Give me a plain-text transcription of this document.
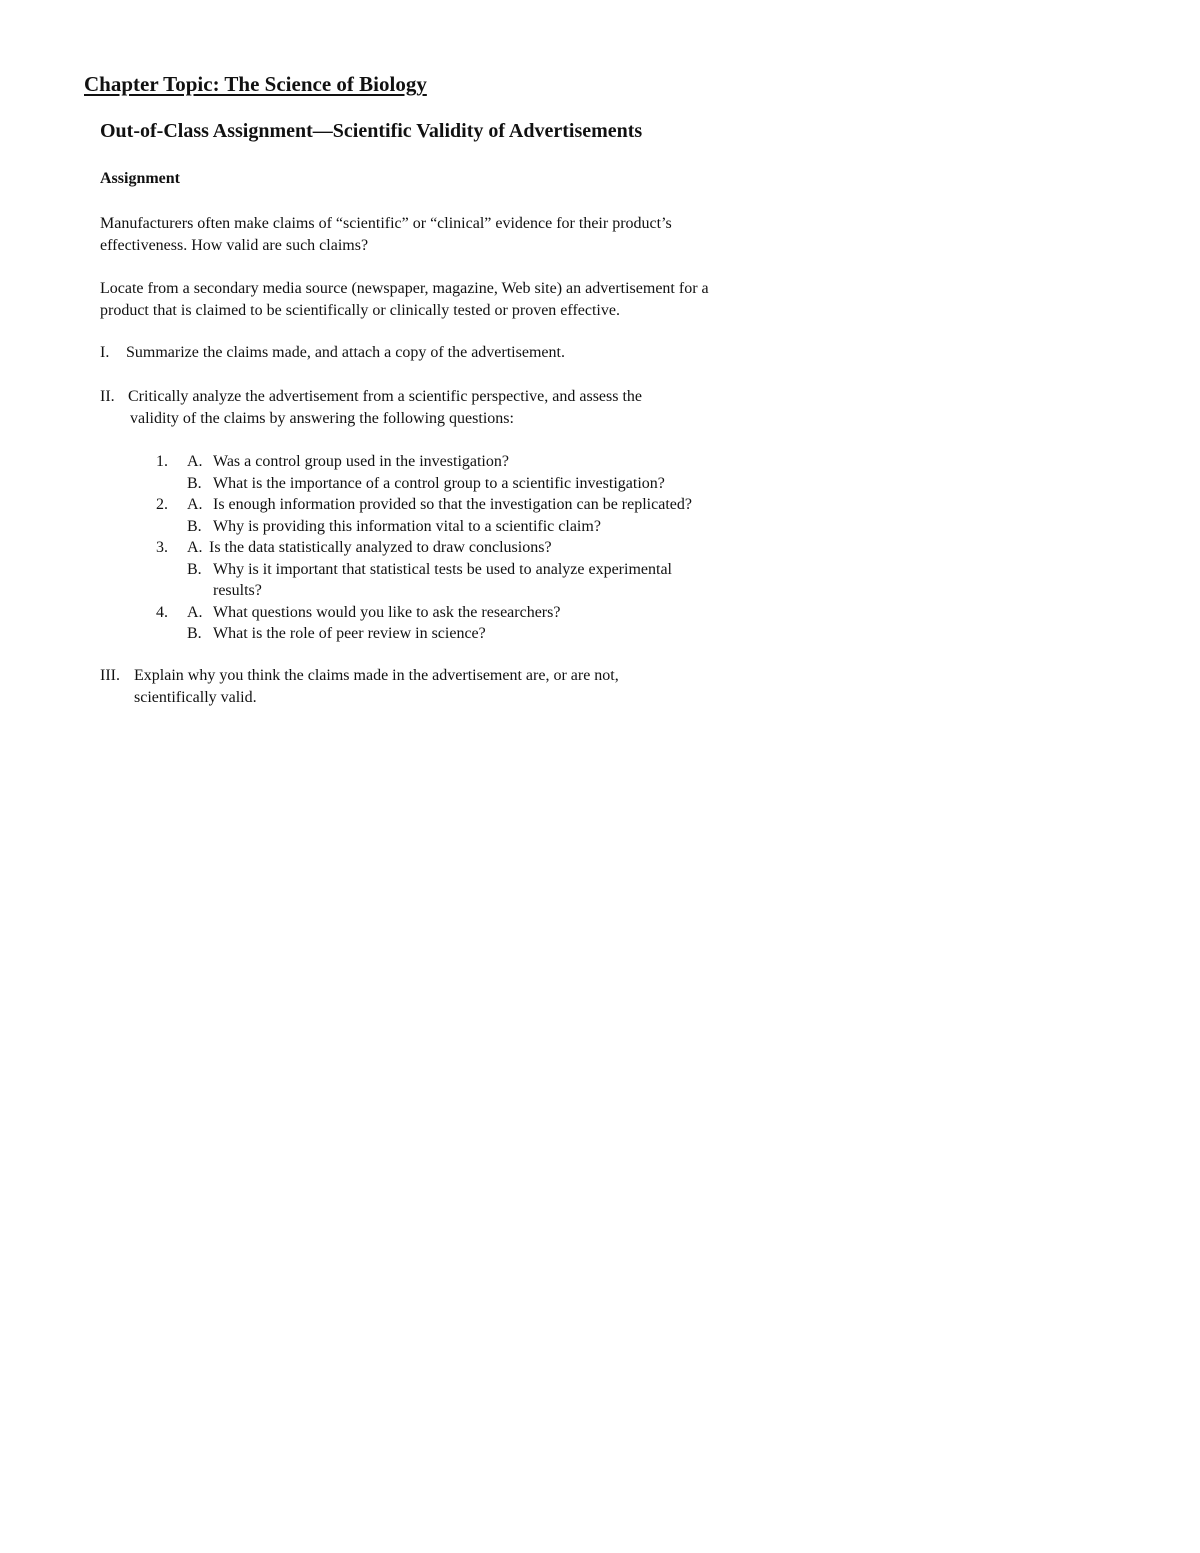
Chapter Topic: The Science of Biology
Out-of-Class Assignment—Scientific Validity of Advertisements
Assignment
Manufacturers often make claims of “scientific” or “clinical” evidence for their product’s
effectiveness. How valid are such claims?
Locate from a secondary media source (newspaper, magazine, Web site) an advertisement for a
product that is claimed to be scientifically or clinically tested or proven effective.
I. Summarize the claims made, and attach a copy of the advertisement.
II. Critically analyze the advertisement from a scientific perspective, and assess the
validity of the claims by answering the following questions:
1.	A. Was a control group used in the investigation?
B. What is the importance of a control group to a scientific investigation?
2.	A. Is enough information provided so that the investigation can be replicated?
B. Why is providing this information vital to a scientific claim?
3.	A. Is the data statistically analyzed to draw conclusions?
B. Why is it important that statistical tests be used to analyze experimental
results?
4.	A. What questions would you like to ask the researchers?
B. What is the role of peer review in science?
III. Explain why you think the claims made in the advertisement are, or are not,
scientifically valid.
